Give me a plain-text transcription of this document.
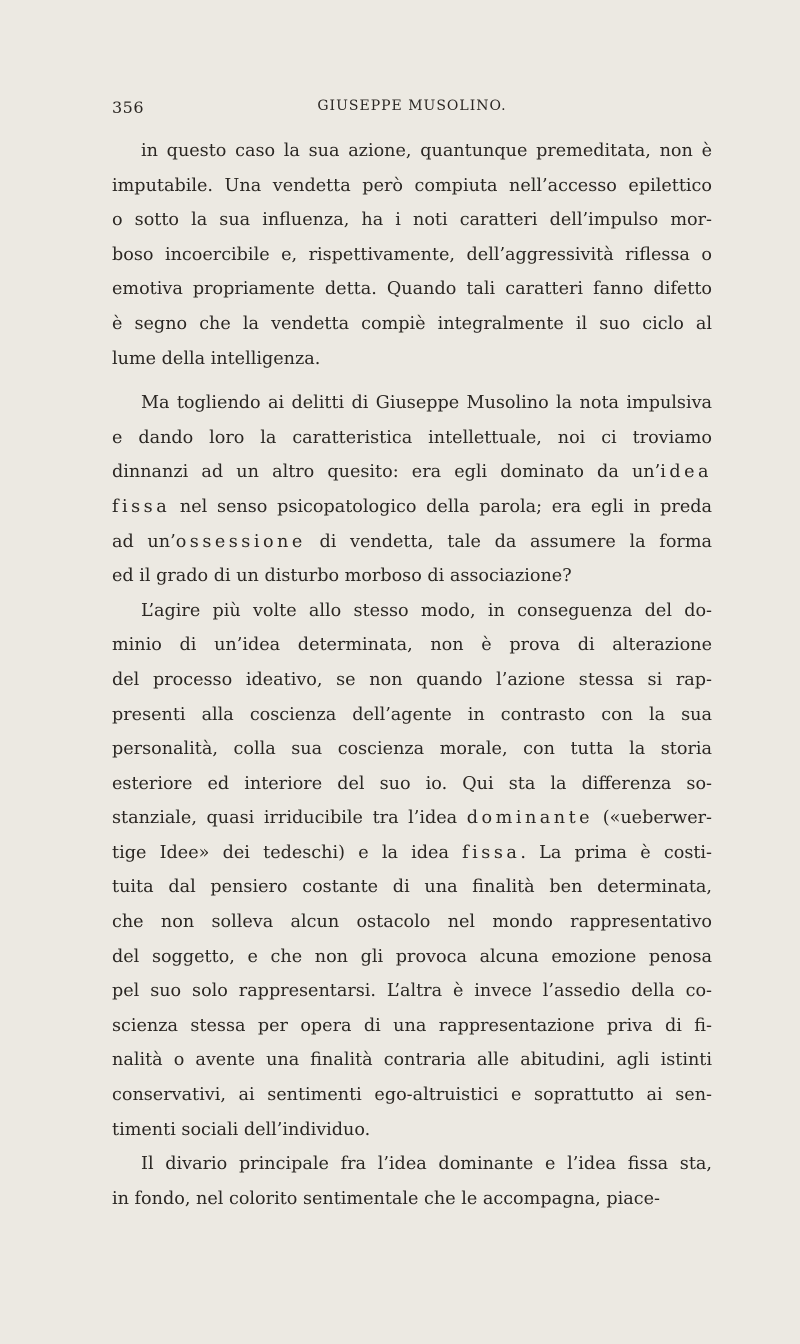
356	GIUSEPPE MUSOLINO.
in questo caso la sua azione, quantunque premeditata, non è
imputabile. Una vendetta però compiuta nell’accesso epilettico
o sotto la sua influenza, ha i noti caratteri dell’impulso mor-
boso incoercibile e, rispettivamente, dell’aggressività riflessa o
emotiva propriamente detta. Quando tali caratteri fanno difetto
è segno che la vendetta compiè integralmente il suo ciclo al
lume della intelligenza.
Ma togliendo ai delitti di Giuseppe Musolino la nota impulsiva
e dando loro la caratteristica intellettuale, noi ci troviamo
dinnanzi ad un altro quesito: era egli dominato da un’idea
fissa nel senso psicopatologico della parola; era egli in preda
ad un’ossessione di vendetta, tale da assumere la forma
ed il grado di un disturbo morboso di associazione?
L’agire più volte allo stesso modo, in conseguenza del do-
minio di un’idea determinata, non è prova di alterazione
del processo ideativo, se non quando l’azione stessa si rap-
presenti alla coscienza dell’agente in contrasto con la sua
personalità, colla sua coscienza morale, con tutta la storia
esteriore ed interiore del suo io. Qui sta la differenza so-
stanziale, quasi irriducibile tra l’idea dominante («ueberwer-
tige Idee» dei tedeschi) e la idea fissa. La prima è costi-
tuita dal pensiero costante di una finalità ben determinata,
che non solleva alcun ostacolo nel mondo rappresentativo
del soggetto, e che non gli provoca alcuna emozione penosa
pel suo solo rappresentarsi. L’altra è invece l’assedio della co-
scienza stessa per opera di una rappresentazione priva di fi-
nalità o avente una finalità contraria alle abitudini, agli istinti
conservativi, ai sentimenti ego-altruistici e soprattutto ai sen-
timenti sociali dell’individuo.
Il divario principale fra l’idea dominante e l’idea fissa sta,
in fondo, nel colorito sentimentale che le accompagna, piace-
